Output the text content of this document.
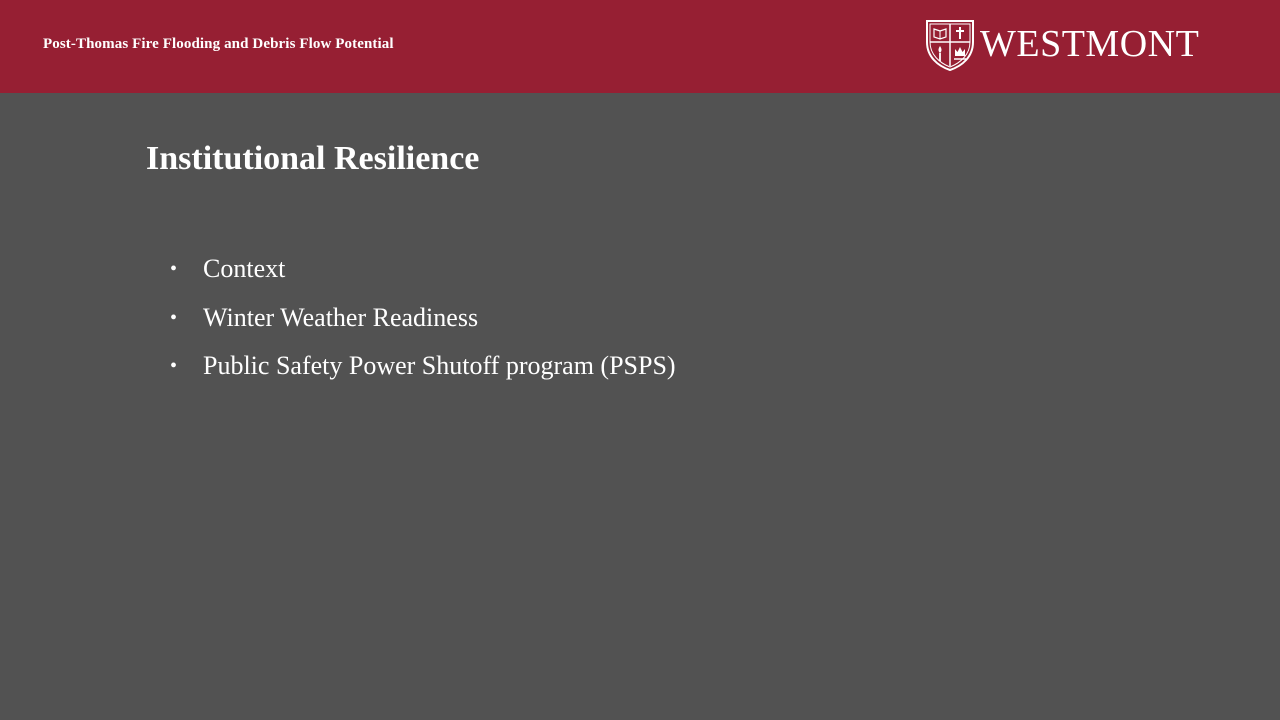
Post-Thomas Fire Flooding and Debris Flow Potential	WESTMONT
Institutional Resilience
• Context
• Winter Weather Readiness
• Public Safety Power Shutoff program (PSPS)
